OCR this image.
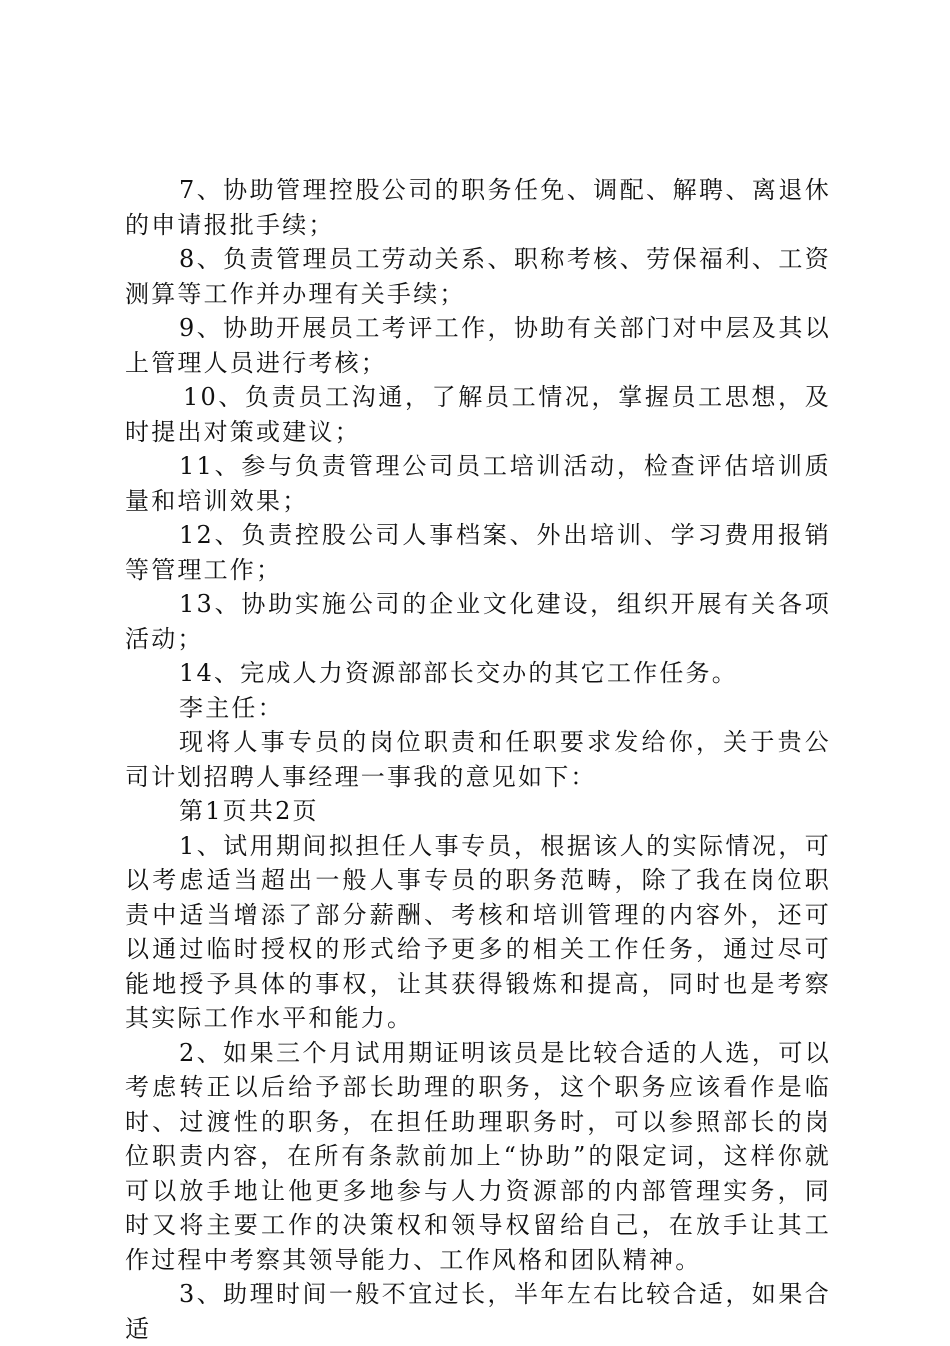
7、协助管理控股公司的职务任免、调配、解聘、离退休的申请报批手续；

8、负责管理员工劳动关系、职称考核、劳保福利、工资测算等工作并办理有关手续；

9、协助开展员工考评工作，协助有关部门对中层及其以上管理人员进行考核；

10、负责员工沟通，了解员工情况，掌握员工思想，及时提出对策或建议；

11、参与负责管理公司员工培训活动，检查评估培训质量和培训效果；

12、负责控股公司人事档案、外出培训、学习费用报销等管理工作；

13、协助实施公司的企业文化建设，组织开展有关各项活动；

14、完成人力资源部部长交办的其它工作任务。

李主任：

现将人事专员的岗位职责和任职要求发给你，关于贵公司计划招聘人事经理一事我的意见如下：

第1页共2页

1、试用期间拟担任人事专员，根据该人的实际情况，可以考虑适当超出一般人事专员的职务范畴，除了我在岗位职责中适当增添了部分薪酬、考核和培训管理的内容外，还可以通过临时授权的形式给予更多的相关工作任务，通过尽可能地授予具体的事权，让其获得锻炼和提高，同时也是考察其实际工作水平和能力。

2、如果三个月试用期证明该员是比较合适的人选，可以考虑转正以后给予部长助理的职务，这个职务应该看作是临时、过渡性的职务，在担任助理职务时，可以参照部长的岗位职责内容，在所有条款前加上“协助”的限定词，这样你就可以放手地让他更多地参与人力资源部的内部管理实务，同时又将主要工作的决策权和领导权留给自己，在放手让其工作过程中考察其领导能力、工作风格和团队精神。

3、助理时间一般不宜过长，半年左右比较合适，如果合适
